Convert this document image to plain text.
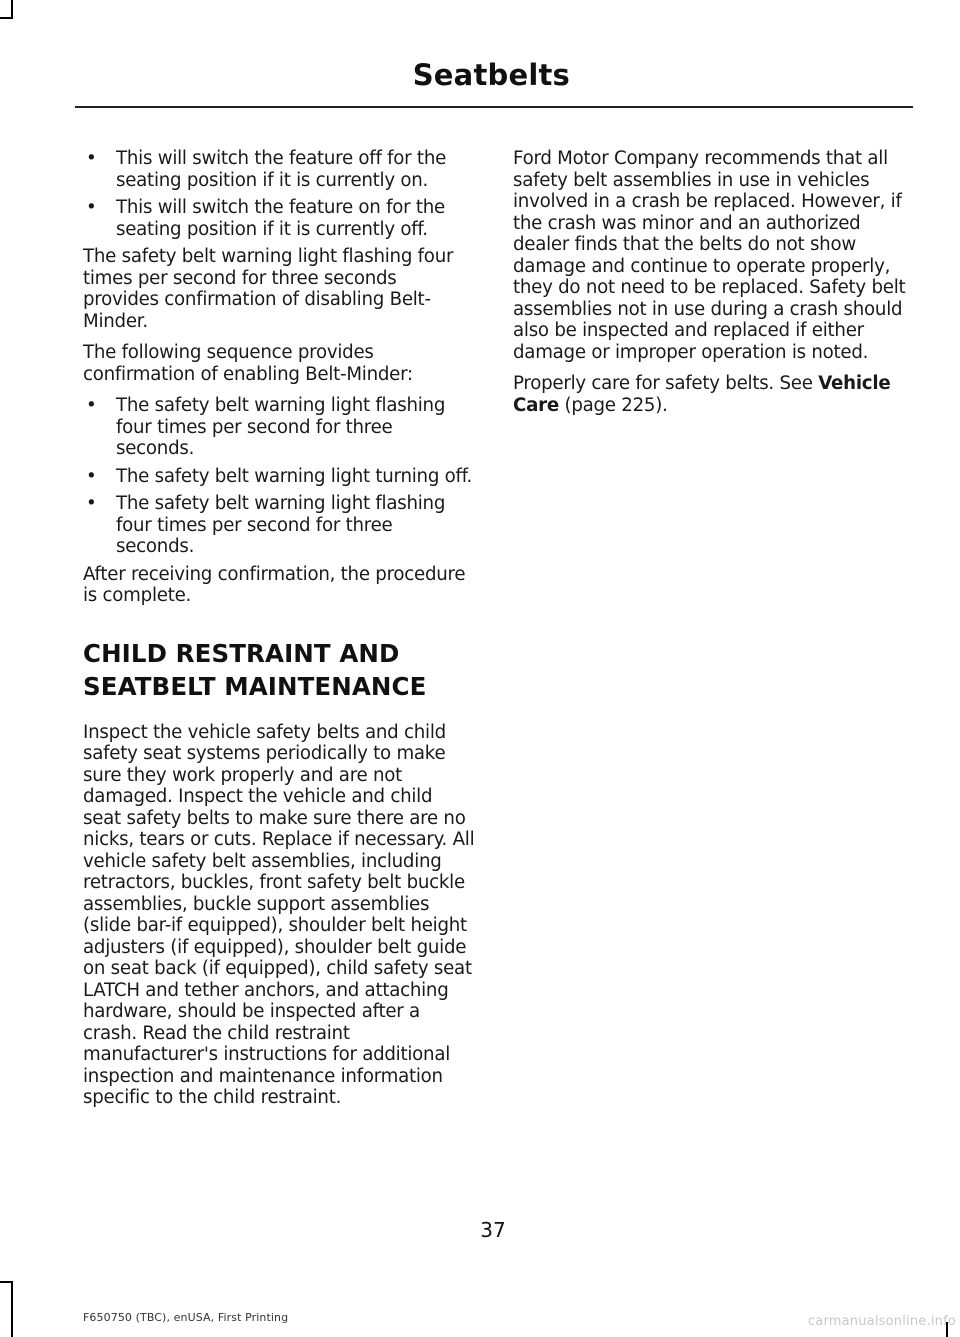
Seatbelts
• This will switch the feature off for the seating position if it is currently on.
• This will switch the feature on for the seating position if it is currently off.

The safety belt warning light flashing four times per second for three seconds provides confirmation of disabling Belt-Minder.

The following sequence provides confirmation of enabling Belt-Minder:

• The safety belt warning light flashing four times per second for three seconds.
• The safety belt warning light turning off.
• The safety belt warning light flashing four times per second for three seconds.

After receiving confirmation, the procedure is complete.

CHILD RESTRAINT AND
SEATBELT MAINTENANCE

Inspect the vehicle safety belts and child safety seat systems periodically to make sure they work properly and are not damaged. Inspect the vehicle and child seat safety belts to make sure there are no nicks, tears or cuts. Replace if necessary. All vehicle safety belt assemblies, including retractors, buckles, front safety belt buckle assemblies, buckle support assemblies (slide bar-if equipped), shoulder belt height adjusters (if equipped), shoulder belt guide on seat back (if equipped), child safety seat LATCH and tether anchors, and attaching hardware, should be inspected after a crash. Read the child restraint manufacturer's instructions for additional inspection and maintenance information specific to the child restraint.

Ford Motor Company recommends that all safety belt assemblies in use in vehicles involved in a crash be replaced. However, if the crash was minor and an authorized dealer finds that the belts do not show damage and continue to operate properly, they do not need to be replaced. Safety belt assemblies not in use during a crash should also be inspected and replaced if either damage or improper operation is noted.

Properly care for safety belts. See Vehicle Care (page 225).

37
F650750 (TBC), enUSA, First Printing	carmanualsonline.info
